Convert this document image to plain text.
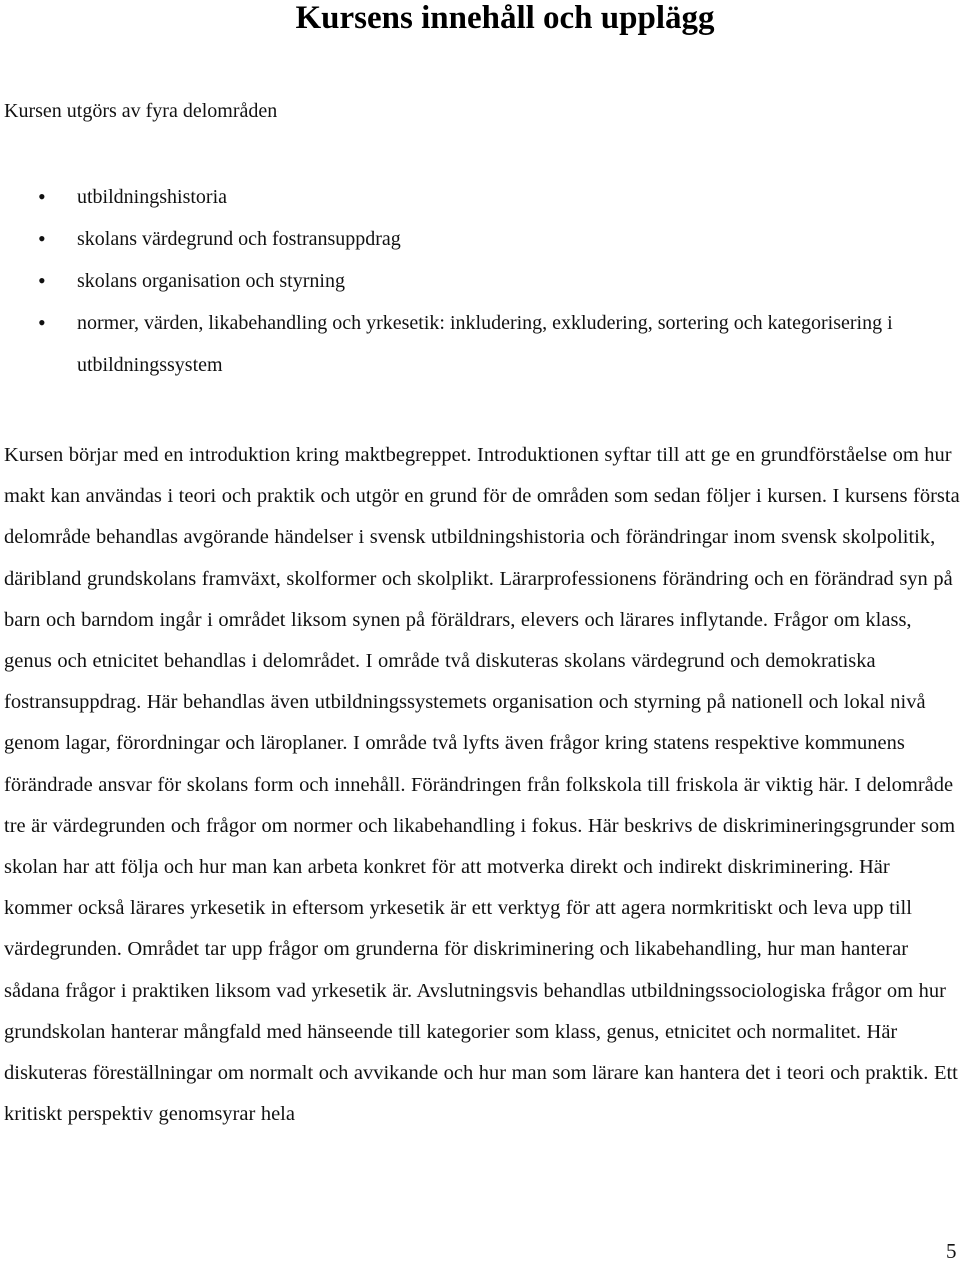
Kursens innehåll och upplägg

Kursen utgörs av fyra delområden

• utbildningshistoria
• skolans värdegrund och fostransuppdrag
• skolans organisation och styrning
• normer, värden, likabehandling och yrkesetik: inkludering, exkludering, sortering och kategorisering i utbildningssystem

Kursen börjar med en introduktion kring maktbegreppet. Introduktionen syftar till att ge en grundförståelse om hur makt kan användas i teori och praktik och utgör en grund för de områden som sedan följer i kursen. I kursens första delområde behandlas avgörande händelser i svensk utbildningshistoria och förändringar inom svensk skolpolitik, däribland grundskolans framväxt, skolformer och skolplikt. Lärarprofessionens förändring och en förändrad syn på barn och barndom ingår i området liksom synen på föräldrars, elevers och lärares inflytande. Frågor om klass, genus och etnicitet behandlas i delområdet. I område två diskuteras skolans värdegrund och demokratiska fostransuppdrag. Här behandlas även utbildningssystemets organisation och styrning på nationell och lokal nivå genom lagar, förordningar och läroplaner. I område två lyfts även frågor kring statens respektive kommunens förändrade ansvar för skolans form och innehåll. Förändringen från folkskola till friskola är viktig här. I delområde tre är värdegrunden och frågor om normer och likabehandling i fokus. Här beskrivs de diskrimineringsgrunder som skolan har att följa och hur man kan arbeta konkret för att motverka direkt och indirekt diskriminering. Här kommer också lärares yrkesetik in eftersom yrkesetik är ett verktyg för att agera normkritiskt och leva upp till värdegrunden. Området tar upp frågor om grunderna för diskriminering och likabehandling, hur man hanterar sådana frågor i praktiken liksom vad yrkesetik är. Avslutningsvis behandlas utbildningssociologiska frågor om hur grundskolan hanterar mångfald med hänseende till kategorier som klass, genus, etnicitet och normalitet. Här diskuteras föreställningar om normalt och avvikande och hur man som lärare kan hantera det i teori och praktik. Ett kritiskt perspektiv genomsyrar hela

5
